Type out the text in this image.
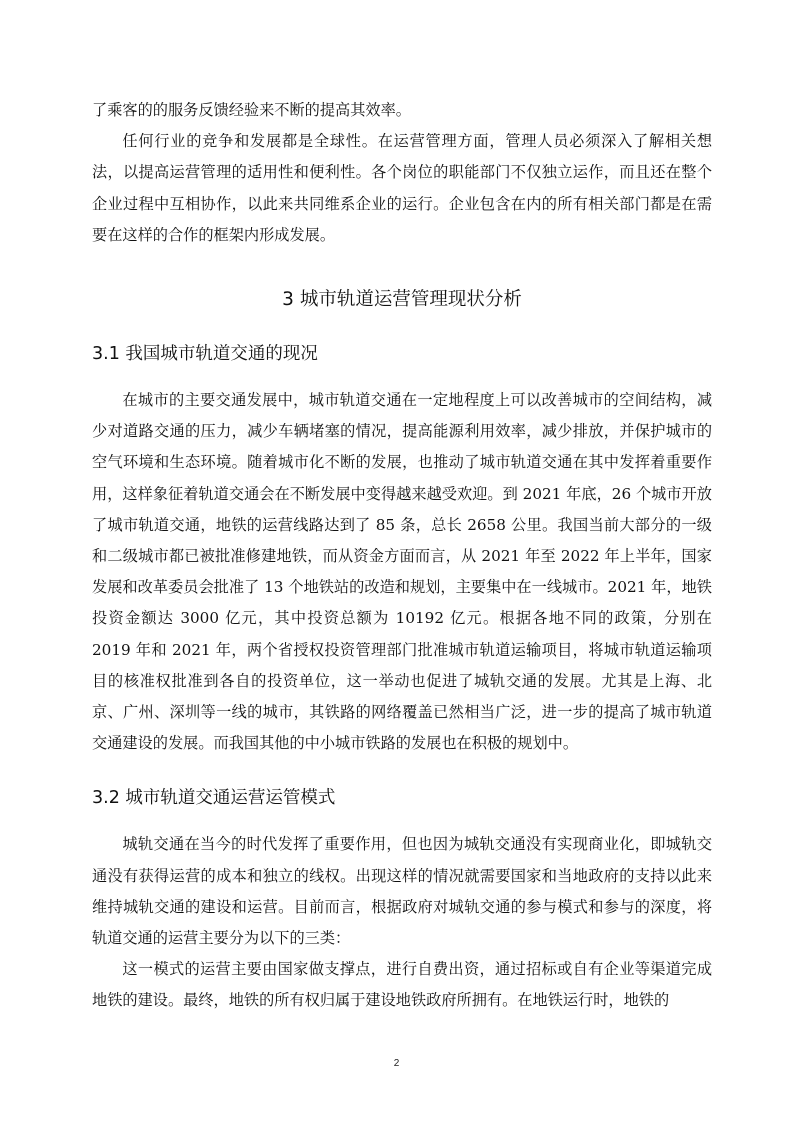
了乘客的的服务反馈经验来不断的提高其效率。

任何行业的竞争和发展都是全球性。在运营管理方面，管理人员必须深入了解相关想法，以提高运营管理的适用性和便利性。各个岗位的职能部门不仅独立运作，而且还在整个企业过程中互相协作，以此来共同维系企业的运行。企业包含在内的所有相关部门都是在需要在这样的合作的框架内形成发展。

3 城市轨道运营管理现状分析
3.1 我国城市轨道交通的现况

在城市的主要交通发展中，城市轨道交通在一定地程度上可以改善城市的空间结构，减少对道路交通的压力，减少车辆堵塞的情况，提高能源利用效率，减少排放，并保护城市的空气环境和生态环境。随着城市化不断的发展，也推动了城市轨道交通在其中发挥着重要作用，这样象征着轨道交通会在不断发展中变得越来越受欢迎。到 2021 年底，26 个城市开放了城市轨道交通，地铁的运营线路达到了 85 条，总长 2658 公里。我国当前大部分的一级和二级城市都已被批准修建地铁，而从资金方面而言，从 2021 年至 2022 年上半年，国家发展和改革委员会批准了 13 个地铁站的改造和规划，主要集中在一线城市。2021 年，地铁投资金额达 3000 亿元，其中投资总额为 10192 亿元。根据各地不同的政策，分别在 2019 年和 2021 年，两个省授权投资管理部门批准城市轨道运输项目，将城市轨道运输项目的核准权批准到各自的投资单位，这一举动也促进了城轨交通的发展。尤其是上海、北京、广州、深圳等一线的城市，其铁路的网络覆盖已然相当广泛，进一步的提高了城市轨道交通建设的发展。而我国其他的中小城市铁路的发展也在积极的规划中。

3.2 城市轨道交通运营运管模式

城轨交通在当今的时代发挥了重要作用，但也因为城轨交通没有实现商业化，即城轨交通没有获得运营的成本和独立的线权。出现这样的情况就需要国家和当地政府的支持以此来维持城轨交通的建设和运营。目前而言，根据政府对城轨交通的参与模式和参与的深度，将轨道交通的运营主要分为以下的三类：

这一模式的运营主要由国家做支撑点，进行自费出资，通过招标或自有企业等渠道完成地铁的建设。最终，地铁的所有权归属于建设地铁政府所拥有。在地铁运行时，地铁的

2
